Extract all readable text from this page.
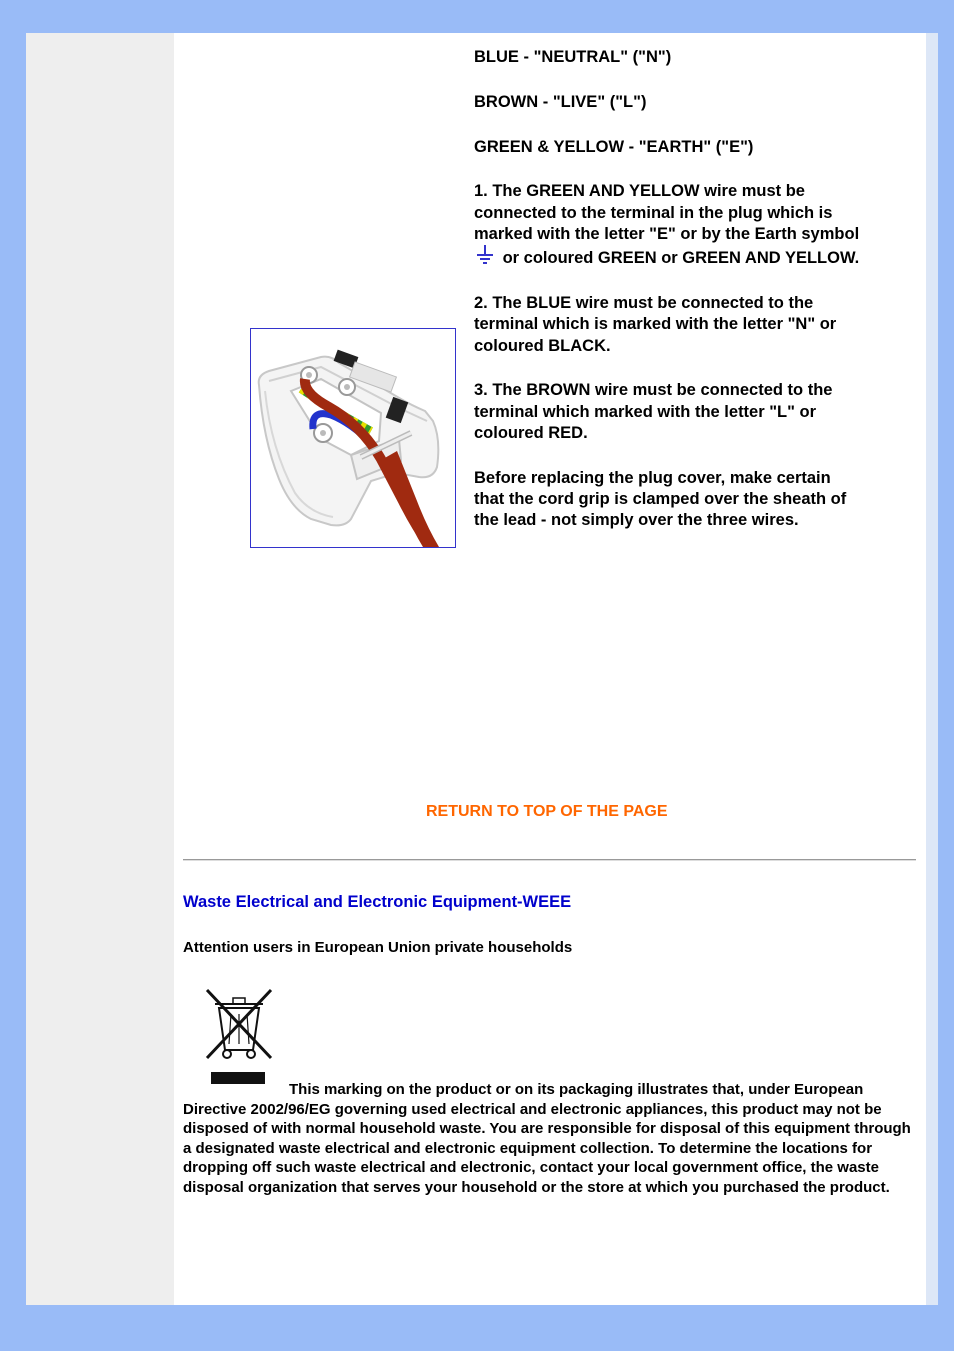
BLUE - "NEUTRAL" ("N")

BROWN - "LIVE" ("L")

GREEN & YELLOW - "EARTH" ("E")

1. The GREEN AND YELLOW wire must be connected to the terminal in the plug which is marked with the letter "E" or by the Earth symbol  or coloured GREEN or GREEN AND YELLOW.

2. The BLUE wire must be connected to the terminal which is marked with the letter "N" or coloured BLACK.

3. The BROWN wire must be connected to the terminal which marked with the letter "L" or coloured RED.

Before replacing the plug cover, make certain that the cord grip is clamped over the sheath of the lead - not simply over the three wires.

RETURN TO TOP OF THE PAGE
Waste Electrical and Electronic Equipment-WEEE

Attention users in European Union private households

This marking on the product or on its packaging illustrates that, under European Directive 2002/96/EG governing used electrical and electronic appliances, this product may not be disposed of with normal household waste. You are responsible for disposal of this equipment through a designated waste electrical and electronic equipment collection. To determine the locations for dropping off such waste electrical and electronic, contact your local government office, the waste disposal organization that serves your household or the store at which you purchased the product.
